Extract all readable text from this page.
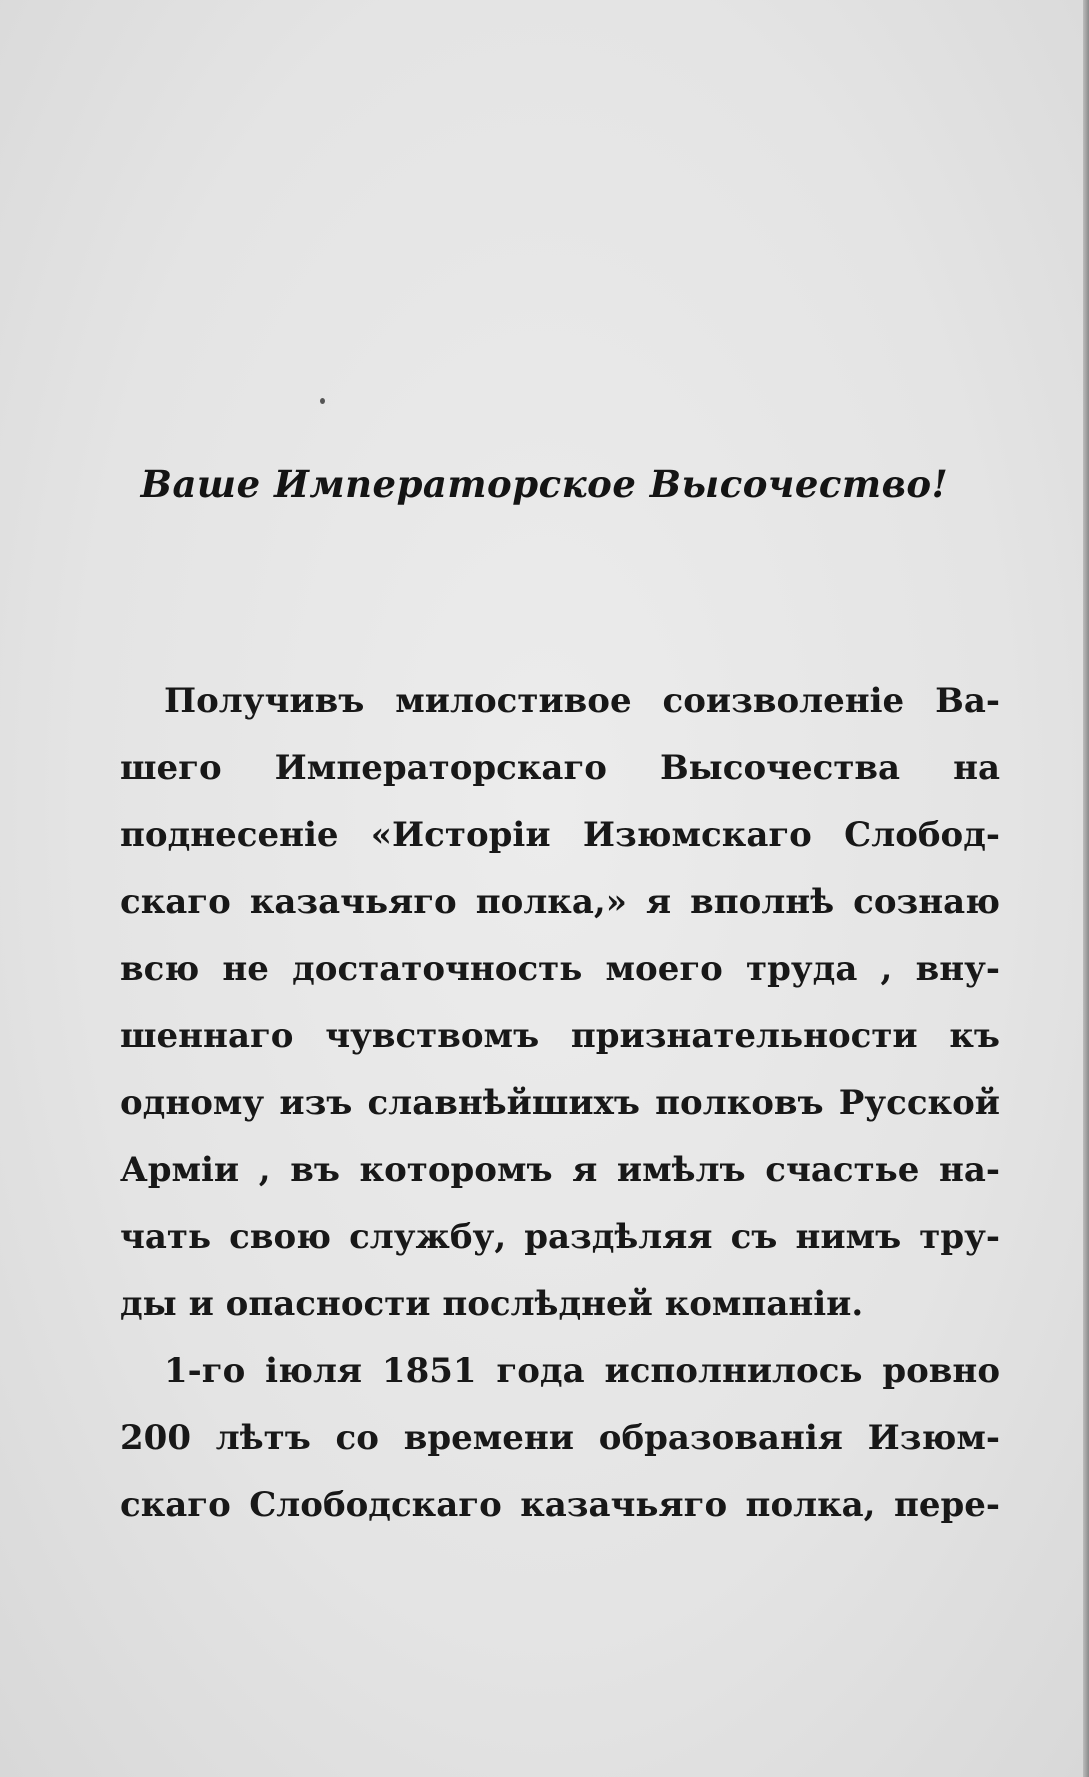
Ваше Императорское Высочество!
Получивъ милостивое соизволеніе Ва-
шего Императорскаго Высочества на
поднесеніе «Исторіи Изюмскаго Слобод-
скаго казачьяго полка,» я вполнѣ сознаю
всю не достаточность моего труда , вну-
шеннаго чувствомъ признательности къ
одному изъ славнѣйшихъ полковъ Русской
Арміи , въ которомъ я имѣлъ счастье на-
чать свою службу, раздѣляя съ нимъ тру-
ды и опасности послѣдней компаніи.
1-го іюля 1851 года исполнилось ровно
200 лѣтъ со времени образованія Изюм-
скаго Слободскаго казачьяго полка, пере-
